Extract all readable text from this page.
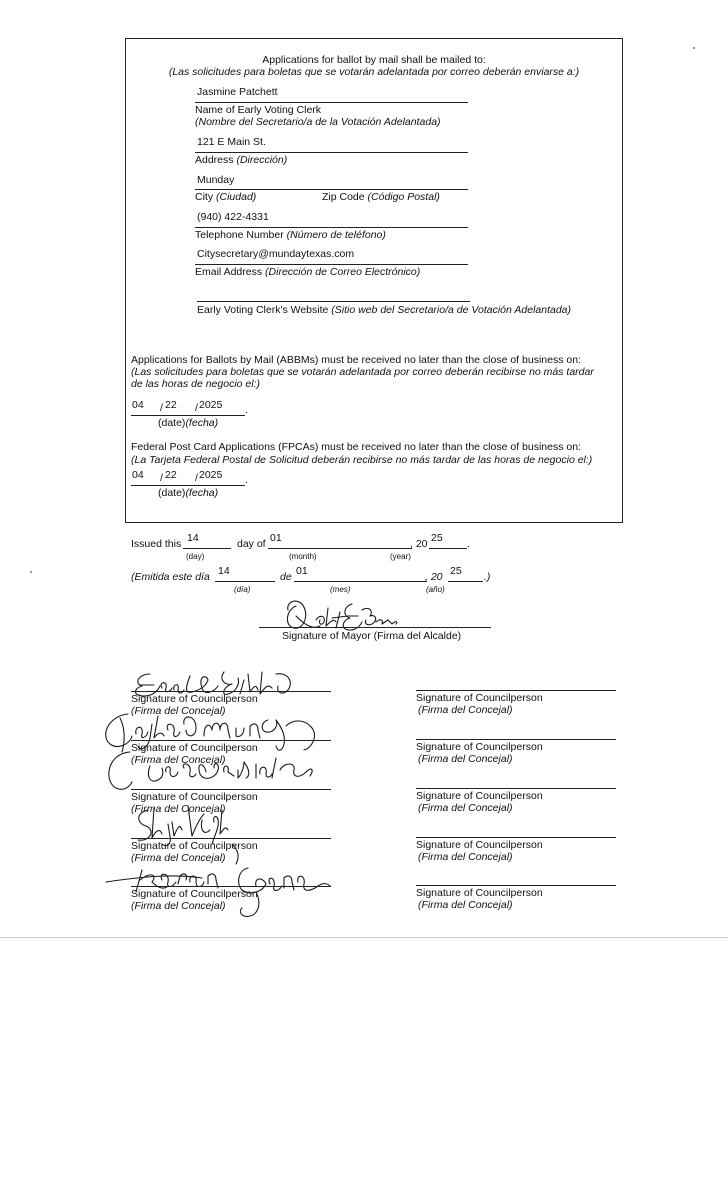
Applications for ballot by mail shall be mailed to:
(Las solicitudes para boletas que se votarán adelantada por correo deberán enviarse a:)
Jasmine Patchett
Name of Early Voting Clerk
(Nombre del Secretario/a de la Votación Adelantada)
121 E Main St.
Address (Dirección)
Munday
City (Ciudad)	Zip Code (Código Postal)
(940) 422-4331
Telephone Number (Número de teléfono)
Citysecretary@mundaytexas.com
Email Address (Dirección de Correo Electrónico)
Early Voting Clerk's Website (Sitio web del Secretario/a de Votación Adelantada)
Applications for Ballots by Mail (ABBMs) must be received no later than the close of business on:
(Las solicitudes para boletas que se votarán adelantada por correo deberán recibirse no más tardar
de las horas de negocio el:)
04 / 22 / 2025 .
(date)(fecha)
Federal Post Card Applications (FPCAs) must be received no later than the close of business on:
(La Tarjeta Federal Postal de Solicitud deberán recibirse no más tardar de las horas de negocio el:)
04 / 22 / 2025 .
(date)(fecha)
Issued this 14	day of 01	, 20 25 .
(day)	(month)	(year)
(Emitida este día 14	de 01	, 20 25 .)
(día)	(mes)	(año)
Signature of Mayor (Firma del Alcalde)
Signature of Councilperson
(Firma del Concejal)
Signature of Councilperson
(Firma del Concejal)
Signature of Councilperson
(Firma del Concejal)
Signature of Councilperson
(Firma del Concejal)
Signature of Councilperson
(Firma del Concejal)
Signature of Councilperson
(Firma del Concejal)
Signature of Councilperson
(Firma del Concejal)
Signature of Councilperson
(Firma del Concejal)
Signature of Councilperson
(Firma del Concejal)
Signature of Councilperson
(Firma del Concejal)
